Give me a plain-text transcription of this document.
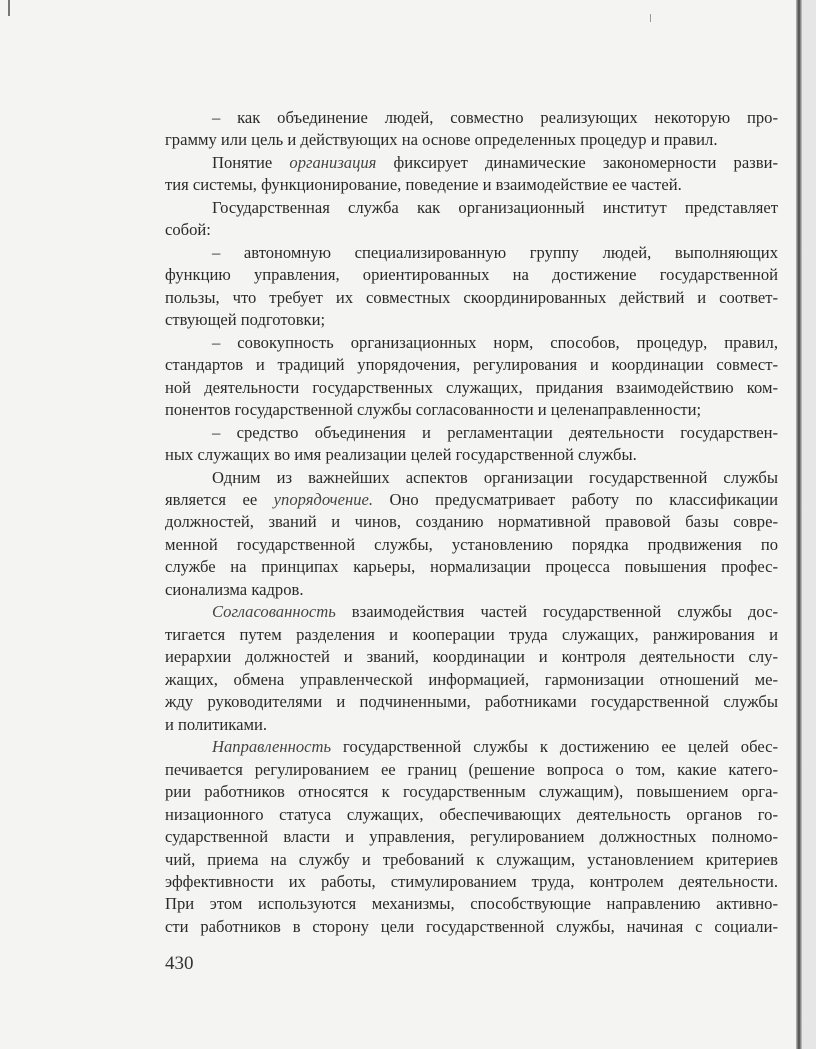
– как объединение людей, совместно реализующих некоторую про-
грамму или цель и действующих на основе определенных процедур и правил.
Понятие организация фиксирует динамические закономерности разви-
тия системы, функционирование, поведение и взаимодействие ее частей.
Государственная служба как организационный институт представляет
собой:
– автономную специализированную группу людей, выполняющих
функцию управления, ориентированных на достижение государственной
пользы, что требует их совместных скоординированных действий и соответ-
ствующей подготовки;
– совокупность организационных норм, способов, процедур, правил,
стандартов и традиций упорядочения, регулирования и координации совмест-
ной деятельности государственных служащих, придания взаимодействию ком-
понентов государственной службы согласованности и целенаправленности;
– средство объединения и регламентации деятельности государствен-
ных служащих во имя реализации целей государственной службы.
Одним из важнейших аспектов организации государственной службы
является ее упорядочение. Оно предусматривает работу по классификации
должностей, званий и чинов, созданию нормативной правовой базы совре-
менной государственной службы, установлению порядка продвижения по
службе на принципах карьеры, нормализации процесса повышения профес-
сионализма кадров.
Согласованность взаимодействия частей государственной службы дос-
тигается путем разделения и кооперации труда служащих, ранжирования и
иерархии должностей и званий, координации и контроля деятельности слу-
жащих, обмена управленческой информацией, гармонизации отношений ме-
жду руководителями и подчиненными, работниками государственной службы
и политиками.
Направленность государственной службы к достижению ее целей обес-
печивается регулированием ее границ (решение вопроса о том, какие катего-
рии работников относятся к государственным служащим), повышением орга-
низационного статуса служащих, обеспечивающих деятельность органов го-
сударственной власти и управления, регулированием должностных полномо-
чий, приема на службу и требований к служащим, установлением критериев
эффективности их работы, стимулированием труда, контролем деятельности.
При этом используются механизмы, способствующие направлению активно-
сти работников в сторону цели государственной службы, начиная с социали-
430
